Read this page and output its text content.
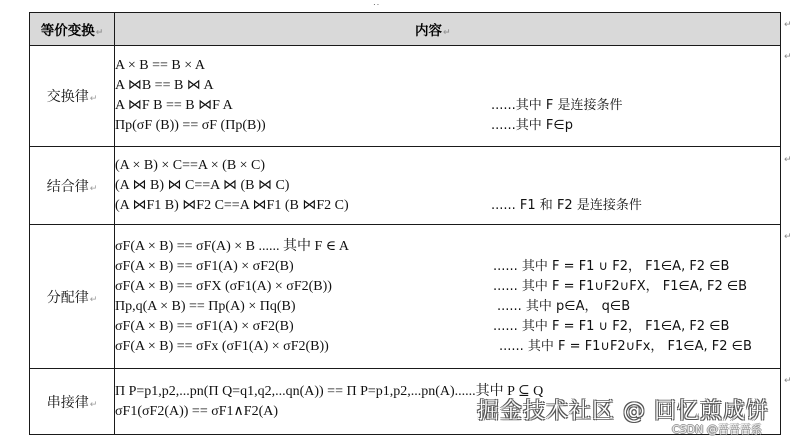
··
等价变换↵	内容↵
交换律↵	
A × B == B × A
A ⋈B == B ⋈ A
A ⋈F B == B ⋈F A	......其中 F 是连接条件
Πp(σF (B)) == σF (Πp(B))	......其中 F∈p

结合律↵	(A × B) × C==A × (B × C)
(A ⋈ B) ⋈ C==A ⋈ (B ⋈ C)
(A ⋈F1 B) ⋈F2 C==A ⋈F1 (B ⋈F2 C) ...... F1 和 F2 是连接条件

分配律↵	
σF(A × B) == σF(A) × B ...... 其中 F ∈ A
σF(A × B) == σF1(A) × σF2(B)	...... 其中 F = F1 ∪ F2， F1∈A, F2 ∈B
σF(A × B) == σFX (σF1(A) × σF2(B))	...... 其中 F = F1∪F2∪FX， F1∈A, F2 ∈B
Πp,q(A × B) == Πp(A) × Πq(B)	...... 其中 p∈A， q∈B
σF(A × B) == σF1(A) × σF2(B)	...... 其中 F = F1 ∪ F2， F1∈A, F2 ∈B
σF(A × B) == σFx (σF1(A) × σF2(B))	...... 其中 F = F1∪F2∪Fx， F1∈A, F2 ∈B

串接律↵	Π P=p1,p2,...pn(Π Q=q1,q2,...qn(A)) == Π P=p1,p2,...pn(A)......其中 P ⊆ Q
σF1(σF2(A)) == σF1∧F2(A)
↵
↵
↵
↵
↵
掘金技术社区 @ 回忆煎成饼
CSDN @吾吾吾系
